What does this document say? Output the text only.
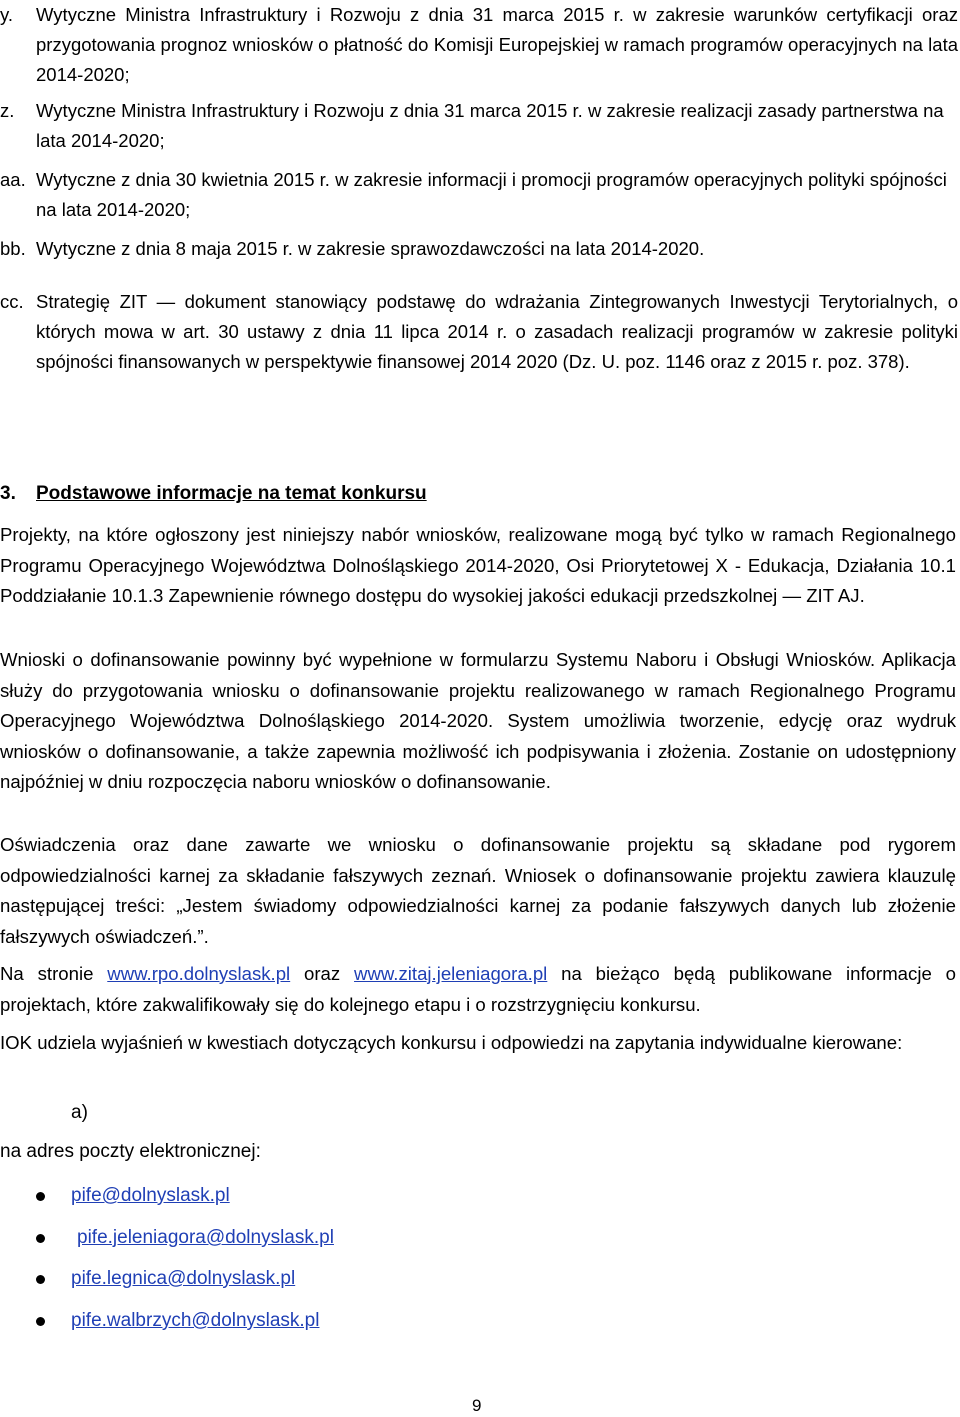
y. Wytyczne Ministra Infrastruktury i Rozwoju z dnia 31 marca 2015 r. w zakresie warunków certyfikacji oraz przygotowania prognoz wniosków o płatność do Komisji Europejskiej w ramach programów operacyjnych na lata 2014-2020;
z. Wytyczne Ministra Infrastruktury i Rozwoju z dnia 31 marca 2015 r. w zakresie realizacji zasady partnerstwa na lata 2014-2020;
aa. Wytyczne z dnia 30 kwietnia 2015 r. w zakresie informacji i promocji programów operacyjnych polityki spójności na lata 2014-2020;
bb. Wytyczne z dnia 8 maja 2015 r. w zakresie sprawozdawczości na lata 2014-2020.
cc. Strategię ZIT — dokument stanowiący podstawę do wdrażania Zintegrowanych Inwestycji Terytorialnych, o których mowa w art. 30 ustawy z dnia 11 lipca 2014 r. o zasadach realizacji programów w zakresie polityki spójności finansowanych w perspektywie finansowej 2014 2020 (Dz. U. poz. 1146 oraz z 2015 r. poz. 378).
3. Podstawowe informacje na temat konkursu
Projekty, na które ogłoszony jest niniejszy nabór wniosków, realizowane mogą być tylko w ramach Regionalnego Programu Operacyjnego Województwa Dolnośląskiego 2014-2020, Osi Priorytetowej X - Edukacja, Działania 10.1 Poddziałanie 10.1.3 Zapewnienie równego dostępu do wysokiej jakości edukacji przedszkolnej — ZIT AJ.
Wnioski o dofinansowanie powinny być wypełnione w formularzu Systemu Naboru i Obsługi Wniosków. Aplikacja służy do przygotowania wniosku o dofinansowanie projektu realizowanego w ramach Regionalnego Programu Operacyjnego Województwa Dolnośląskiego 2014-2020. System umożliwia tworzenie, edycję oraz wydruk wniosków o dofinansowanie, a także zapewnia możliwość ich podpisywania i złożenia. Zostanie on udostępniony najpóźniej w dniu rozpoczęcia naboru wniosków o dofinansowanie.
Oświadczenia oraz dane zawarte we wniosku o dofinansowanie projektu są składane pod rygorem odpowiedzialności karnej za składanie fałszywych zeznań. Wniosek o dofinansowanie projektu zawiera klauzulę następującej treści: „Jestem świadomy odpowiedzialności karnej za podanie fałszywych danych lub złożenie fałszywych oświadczeń.”.
Na stronie www.rpo.dolnyslask.pl oraz www.zitaj.jeleniagora.pl na bieżąco będą publikowane informacje o projektach, które zakwalifikowały się do kolejnego etapu i o rozstrzygnięciu konkursu.
IOK udziela wyjaśnień w kwestiach dotyczących konkursu i odpowiedzi na zapytania indywidualne kierowane:
a)
na adres poczty elektronicznej:
pife@dolnyslask.pl
pife.jeleniagora@dolnyslask.pl
pife.legnica@dolnyslask.pl
pife.walbrzych@dolnyslask.pl
9
